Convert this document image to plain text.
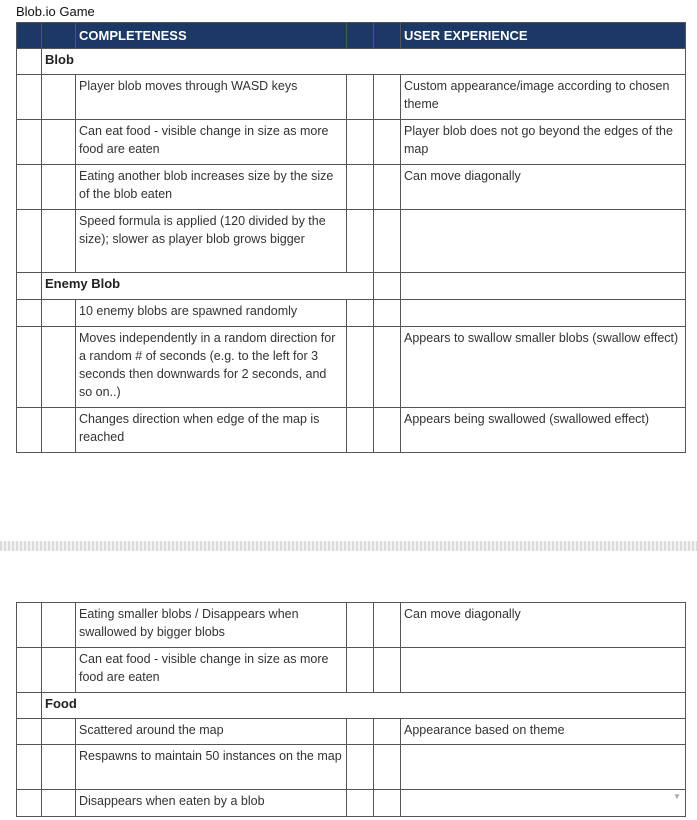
Blob.io Game
		COMPLETENESS			USER EXPERIENCE
	Blob				
		Player blob moves through WASD keys			Custom appearance/image according to chosen theme
		Can eat food - visible change in size as more food are eaten			Player blob does not go beyond the edges of the map
		Eating another blob increases size by the size of the blob eaten			Can move diagonally
		Speed formula is applied (120 divided by the size); slower as player blob grows bigger			
	Enemy Blob				
		10 enemy blobs are spawned randomly			
		Moves independently in a random direction for a random # of seconds (e.g. to the left for 3 seconds then downwards for 2 seconds, and so on..)			Appears to swallow smaller blobs (swallow effect)
		Changes direction when edge of the map is reached			Appears being swallowed (swallowed effect)
		Eating smaller blobs / Disappears when swallowed by bigger blobs			Can move diagonally
		Can eat food - visible change in size as more food are eaten			
	Food				
		Scattered around the map			Appearance based on theme
		Respawns to maintain 50 instances on the map			
		Disappears when eaten by a blob				▼
